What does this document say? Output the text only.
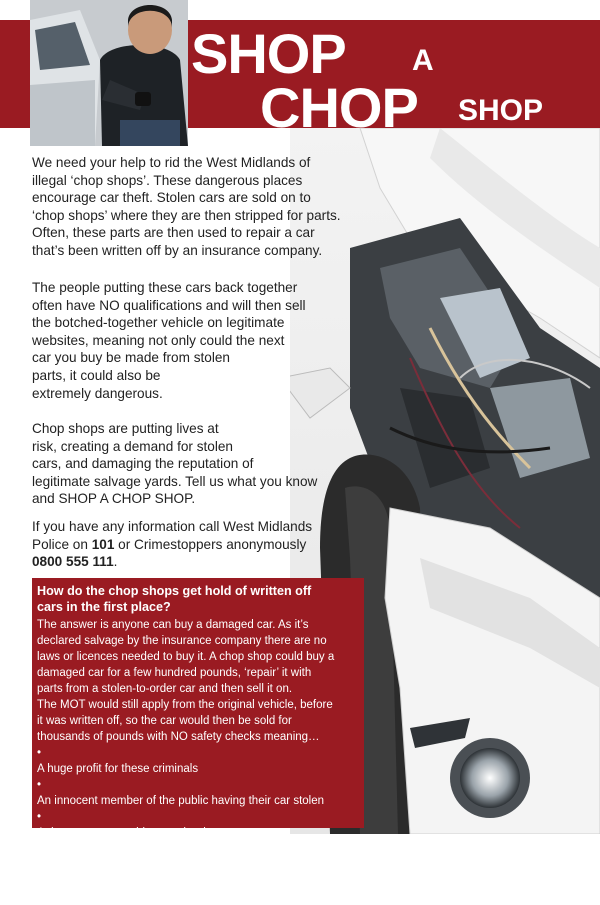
SHOP A
CHOP SHOP
We need your help to rid the West Midlands of
illegal ‘chop shops’. These dangerous places
encourage car theft. Stolen cars are sold on to
‘chop shops’ where they are then stripped for parts.
Often, these parts are then used to repair a car
that’s been written off by an insurance company.
The people putting these cars back together
often have NO qualifications and will then sell
the botched-together vehicle on legitimate
websites, meaning not only could the next
car you buy be made from stolen
parts, it could also be
extremely dangerous.
Chop shops are putting lives at
risk, creating a demand for stolen
cars, and damaging the reputation of
legitimate salvage yards. Tell us what you know
and SHOP A CHOP SHOP.
If you have any information call West Midlands
Police on 101 or Crimestoppers anonymously
0800 555 111.
How do the chop shops get hold of written off
cars in the first place?
The answer is anyone can buy a damaged car. As it’s
declared salvage by the insurance company there are no
laws or licences needed to buy it. A chop shop could buy a
damaged car for a few hundred pounds, ‘repair’ it with
parts from a stolen-to-order car and then sell it on.
The MOT would still apply from the original vehicle, before
it was written off, so the car would then be sold for
thousands of pounds with NO safety checks meaning…
•
A huge profit for these criminals
•
An innocent member of the public having their car stolen
•
A dangerous car sold to another innocent person
•
A un-roadworthy car on the streets that we drive and
walk on
